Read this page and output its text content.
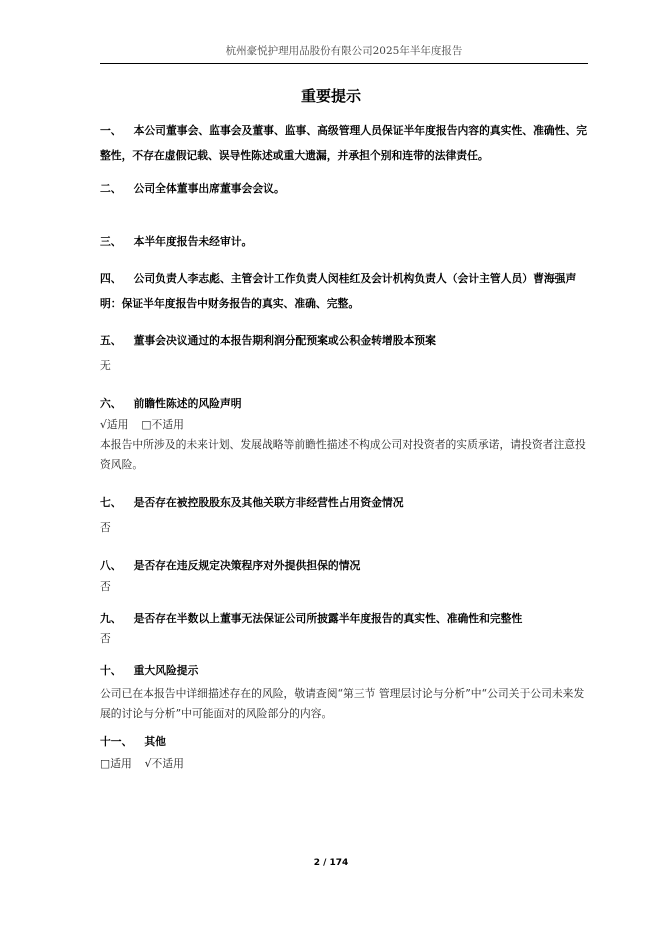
杭州豪悦护理用品股份有限公司2025年半年度报告
重要提示
一、 本公司董事会、监事会及董事、监事、高级管理人员保证半年度报告内容的真实性、准确性、完整性，不存在虚假记载、误导性陈述或重大遗漏，并承担个别和连带的法律责任。
二、 公司全体董事出席董事会会议。
三、 本半年度报告未经审计。
四、 公司负责人李志彪、主管会计工作负责人闵桂红及会计机构负责人（会计主管人员）曹海强声明：保证半年度报告中财务报告的真实、准确、完整。
五、 董事会决议通过的本报告期利润分配预案或公积金转增股本预案
无
六、 前瞻性陈述的风险声明
√适用 □不适用
本报告中所涉及的未来计划、发展战略等前瞻性描述不构成公司对投资者的实质承诺，请投资者注意投资风险。
七、 是否存在被控股股东及其他关联方非经营性占用资金情况
否
八、 是否存在违反规定决策程序对外提供担保的情况
否
九、 是否存在半数以上董事无法保证公司所披露半年度报告的真实性、准确性和完整性
否
十、 重大风险提示
公司已在本报告中详细描述存在的风险，敬请查阅“第三节 管理层讨论与分析”中“公司关于公司未来发展的讨论与分析”中可能面对的风险部分的内容。
十一、 其他
□适用 √不适用
2 / 174
